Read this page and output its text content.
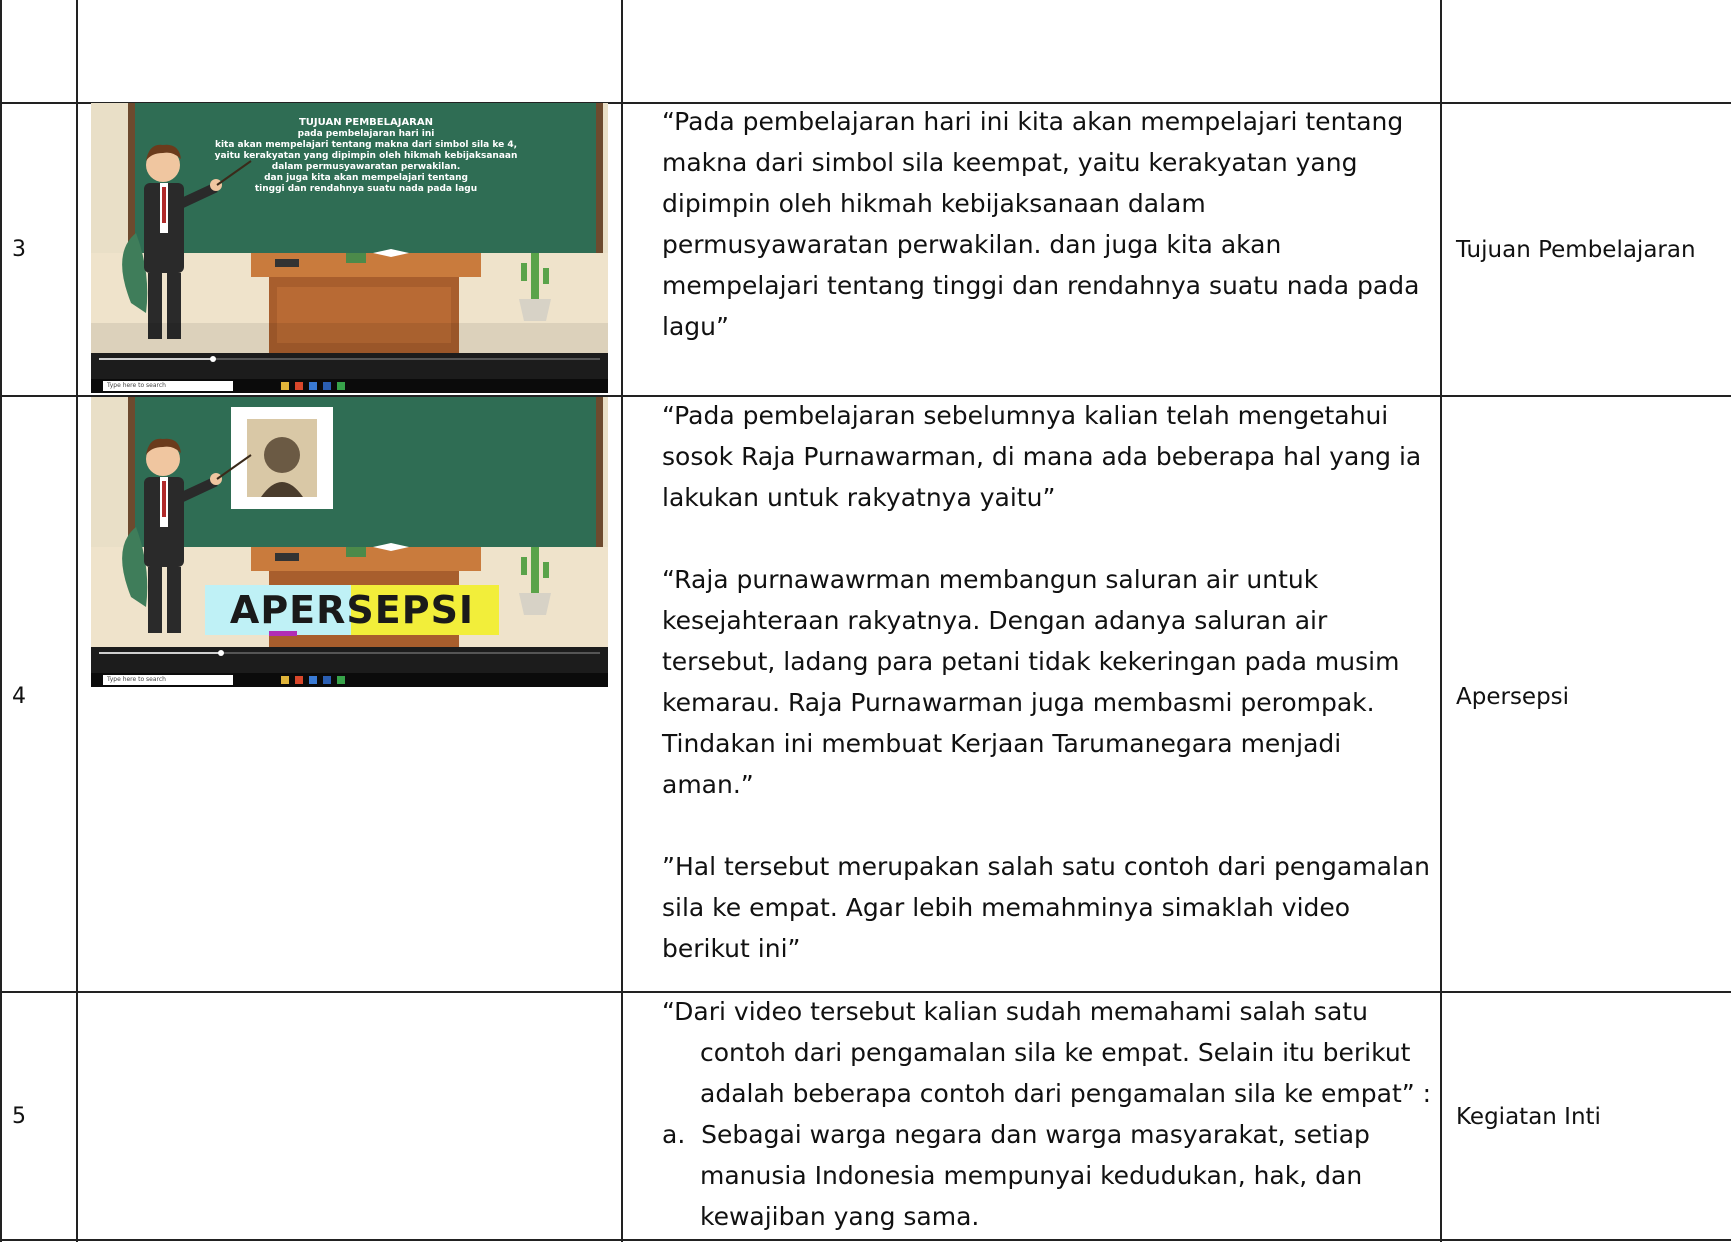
3
TUJUAN PEMBELAJARAN
pada pembelajaran hari ini
kita akan mempelajari tentang makna dari simbol sila ke 4,
yaitu kerakyatan yang dipimpin oleh hikmah kebijaksanaan
dalam permusyawaratan perwakilan.
dan juga kita akan mempelajari tentang
tinggi dan rendahnya suatu nada pada lagu
Type here to search

“Pada pembelajaran hari ini kita akan mempelajari tentang makna dari simbol sila keempat, yaitu kerakyatan yang dipimpin oleh hikmah kebijaksanaan dalam permusyawaratan perwakilan. dan juga kita akan mempelajari tentang tinggi dan rendahnya suatu nada pada lagu”

Tujuan Pembelajaran
4
APERSEPSI
Type here to search

“Pada pembelajaran sebelumnya kalian telah mengetahui sosok Raja Purnawarman, di mana ada beberapa hal yang ia lakukan untuk rakyatnya yaitu”

“Raja purnawawrman membangun saluran air untuk kesejahteraan rakyatnya. Dengan adanya saluran air tersebut, ladang para petani tidak kekeringan pada musim kemarau. Raja Purnawarman juga membasmi perompak. Tindakan ini membuat Kerjaan Tarumanegara menjadi aman.”

”Hal tersebut merupakan salah satu contoh dari pengamalan sila ke empat. Agar lebih memahminya simaklah video berikut ini”

Apersepsi
5

“Dari video tersebut kalian sudah memahami salah satu contoh dari pengamalan sila ke empat. Selain itu berikut adalah beberapa contoh dari pengamalan sila ke empat” :

a.  Sebagai warga negara dan warga masyarakat, setiap manusia Indonesia mempunyai kedudukan, hak, dan kewajiban yang sama.

Kegiatan Inti
